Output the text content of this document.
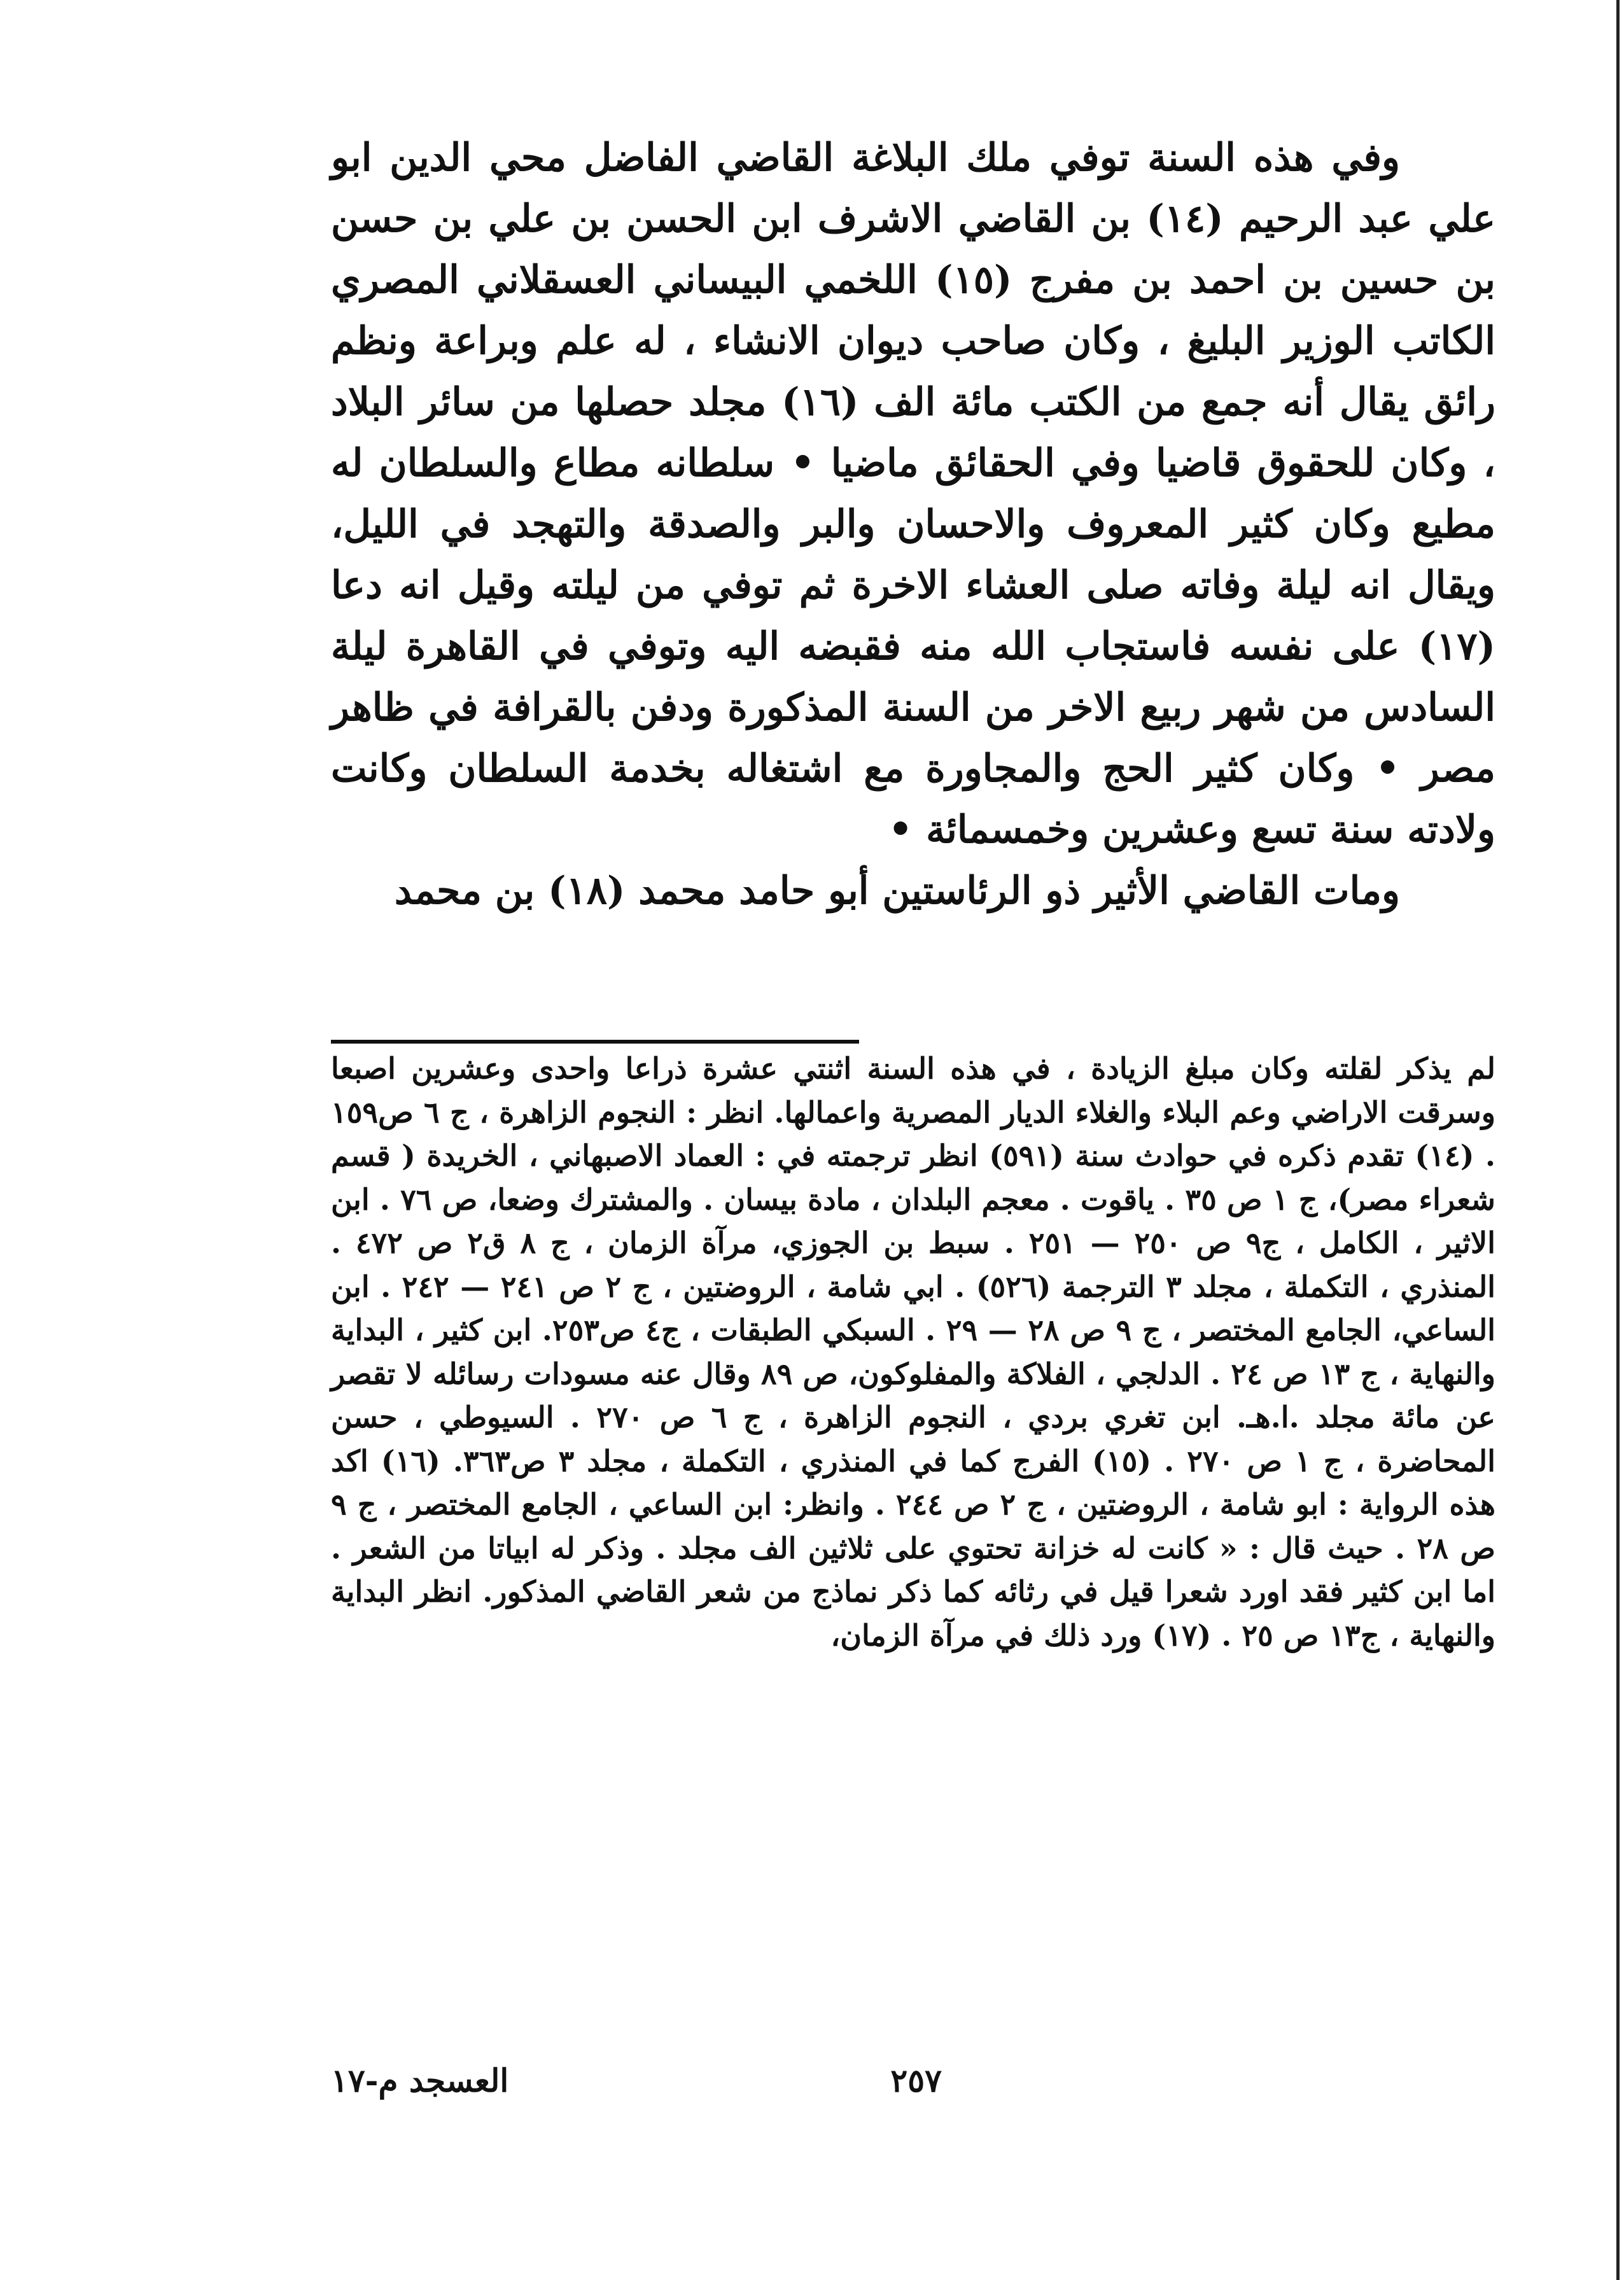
وفي هذه السنة توفي ملك البلاغة القاضي الفاضل محي الدين ابو علي عبد الرحيم (١٤) بن القاضي الاشرف ابن الحسن بن علي بن حسن بن حسين بن احمد بن مفرج (١٥) اللخمي البيساني العسقلاني المصري الكاتب الوزير البليغ ، وكان صاحب ديوان الانشاء ، له علم وبراعة ونظم رائق يقال أنه جمع من الكتب مائة الف (١٦) مجلد حصلها من سائر البلاد ، وكان للحقوق قاضيا وفي الحقائق ماضيا • سلطانه مطاع والسلطان له مطيع وكان كثير المعروف والاحسان والبر والصدقة والتهجد في الليل، ويقال انه ليلة وفاته صلى العشاء الاخرة ثم توفي من ليلته وقيل انه دعا (١٧) على نفسه فاستجاب الله منه فقبضه اليه وتوفي في القاهرة ليلة السادس من شهر ربيع الاخر من السنة المذكورة ودفن بالقرافة في ظاهر مصر • وكان كثير الحج والمجاورة مع اشتغاله بخدمة السلطان وكانت ولادته سنة تسع وعشرين وخمسمائة •

ومات القاضي الأثير ذو الرئاستين أبو حامد محمد (١٨) بن محمد

لم يذكر لقلته وكان مبلغ الزيادة ، في هذه السنة اثنتي عشرة ذراعا واحدى وعشرين اصبعا وسرقت الاراضي وعم البلاء والغلاء الديار المصرية واعمالها. انظر : النجوم الزاهرة ، ج ٦ ص١٥٩ . (١٤) تقدم ذكره في حوادث سنة (٥٩١) انظر ترجمته في : العماد الاصبهاني ، الخريدة ( قسم شعراء مصر)، ج ١ ص ٣٥ . ياقوت . معجم البلدان ، مادة بيسان . والمشترك وضعا، ص ٧٦ . ابن الاثير ، الكامل ، ج٩ ص ٢٥٠ — ٢٥١ . سبط بن الجوزي، مرآة الزمان ، ج ٨ ق٢ ص ٤٧٢ . المنذري ، التكملة ، مجلد ٣ الترجمة (٥٢٦) . ابي شامة ، الروضتين ، ج ٢ ص ٢٤١ — ٢٤٢ . ابن الساعي، الجامع المختصر ، ج ٩ ص ٢٨ — ٢٩ . السبكي الطبقات ، ج٤ ص٢٥٣. ابن كثير ، البداية والنهاية ، ج ١٣ ص ٢٤ . الدلجي ، الفلاكة والمفلوكون، ص ٨٩ وقال عنه مسودات رسائله لا تقصر عن مائة مجلد .ا.هـ. ابن تغري بردي ، النجوم الزاهرة ، ج ٦ ص ٢٧٠ . السيوطي ، حسن المحاضرة ، ج ١ ص ٢٧٠ . (١٥) الفرج كما في المنذري ، التكملة ، مجلد ٣ ص٣٦٣. (١٦) اكد هذه الرواية : ابو شامة ، الروضتين ، ج ٢ ص ٢٤٤ . وانظر: ابن الساعي ، الجامع المختصر ، ج ٩ ص ٢٨ . حيث قال : « كانت له خزانة تحتوي على ثلاثين الف مجلد . وذكر له ابياتا من الشعر . اما ابن كثير فقد اورد شعرا قيل في رثائه كما ذكر نماذج من شعر القاضي المذكور. انظر البداية والنهاية ، ج١٣ ص ٢٥ . (١٧) ورد ذلك في مرآة الزمان،

٢٥٧
العسجد م-١٧
